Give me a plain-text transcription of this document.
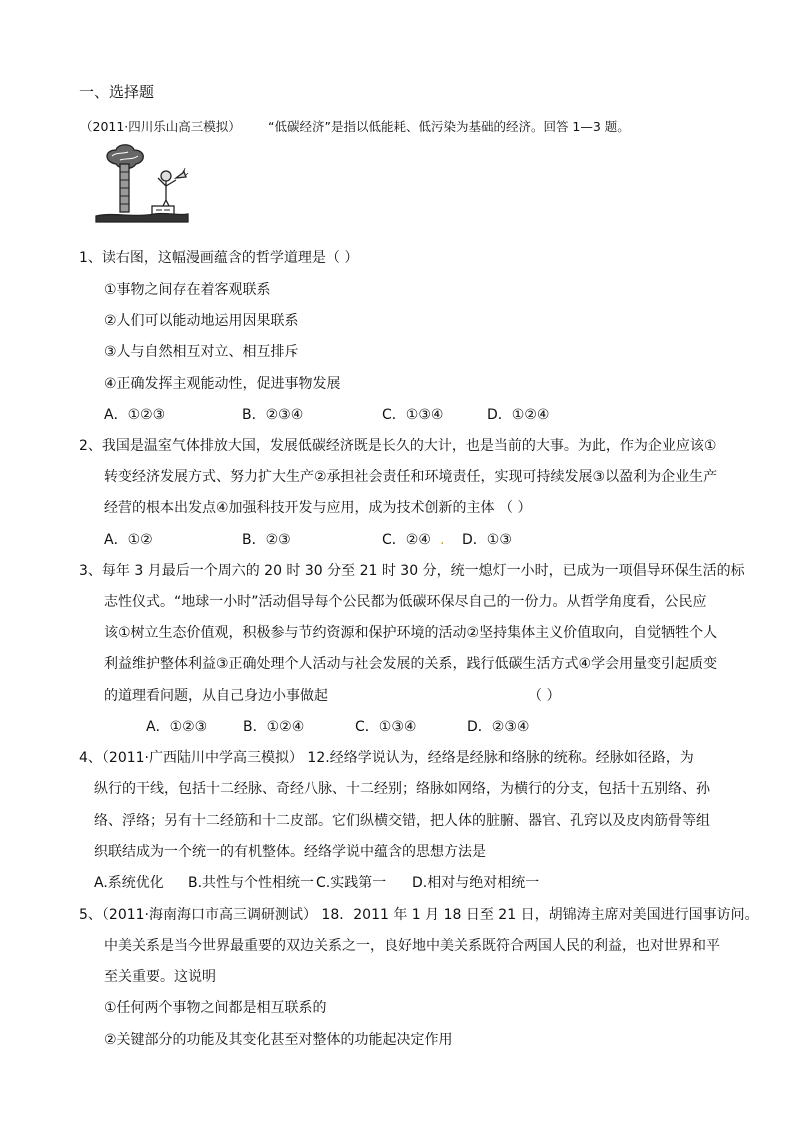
一、选择题
（2011·四川乐山高三模拟） “低碳经济”是指以低能耗、低污染为基础的经济。回答 1—3 题。
1、读右图，这幅漫画蕴含的哲学道理是（ ）
①事物之间存在着客观联系
②人们可以能动地运用因果联系
③人与自然相互对立、相互排斥
④正确发挥主观能动性，促进事物发展
A．①②③	B．②③④	C．①③④	D．①②④
2、我国是温室气体排放大国，发展低碳经济既是长久的大计，也是当前的大事。为此，作为企业应该①
转变经济发展方式、努力扩大生产②承担社会责任和环境责任，实现可持续发展③以盈利为企业生产
经营的根本出发点④加强科技开发与应用，成为技术创新的主体 （ ）
A．①②	B．②③	C．②④ . D．①③
3、每年 3 月最后一个周六的 20 时 30 分至 21 时 30 分，统一熄灯一小时，已成为一项倡导环保生活的标
志性仪式。“地球一小时”活动倡导每个公民都为低碳环保尽自己的一份力。从哲学角度看，公民应
该①树立生态价值观，积极参与节约资源和保护环境的活动②坚持集体主义价值取向，自觉牺牲个人
利益维护整体利益③正确处理个人活动与社会发展的关系，践行低碳生活方式④学会用量变引起质变
的道理看问题，从自己身边小事做起	（ ）
A．①②③	B．①②④	C．①③④	D．②③④
4、（2011·广西陆川中学高三模拟） 12.经络学说认为，经络是经脉和络脉的统称。经脉如径路，为
纵行的干线，包括十二经脉、奇经八脉、十二经别；络脉如网络，为横行的分支，包括十五别络、孙
络、浮络；另有十二经筋和十二皮部。它们纵横交错，把人体的脏腑、器官、孔窍以及皮肉筋骨等组
织联结成为一个统一的有机整体。经络学说中蕴含的思想方法是
A.系统优化 B.共性与个性相统一 C.实践第一 D.相对与绝对相统一
5、（2011·海南海口市高三调研测试） 18．2011 年 1 月 18 日至 21 日，胡锦涛主席对美国进行国事访问。
中美关系是当今世界最重要的双边关系之一，良好地中美关系既符合两国人民的利益，也对世界和平
至关重要。这说明
①任何两个事物之间都是相互联系的
②关键部分的功能及其变化甚至对整体的功能起决定作用
